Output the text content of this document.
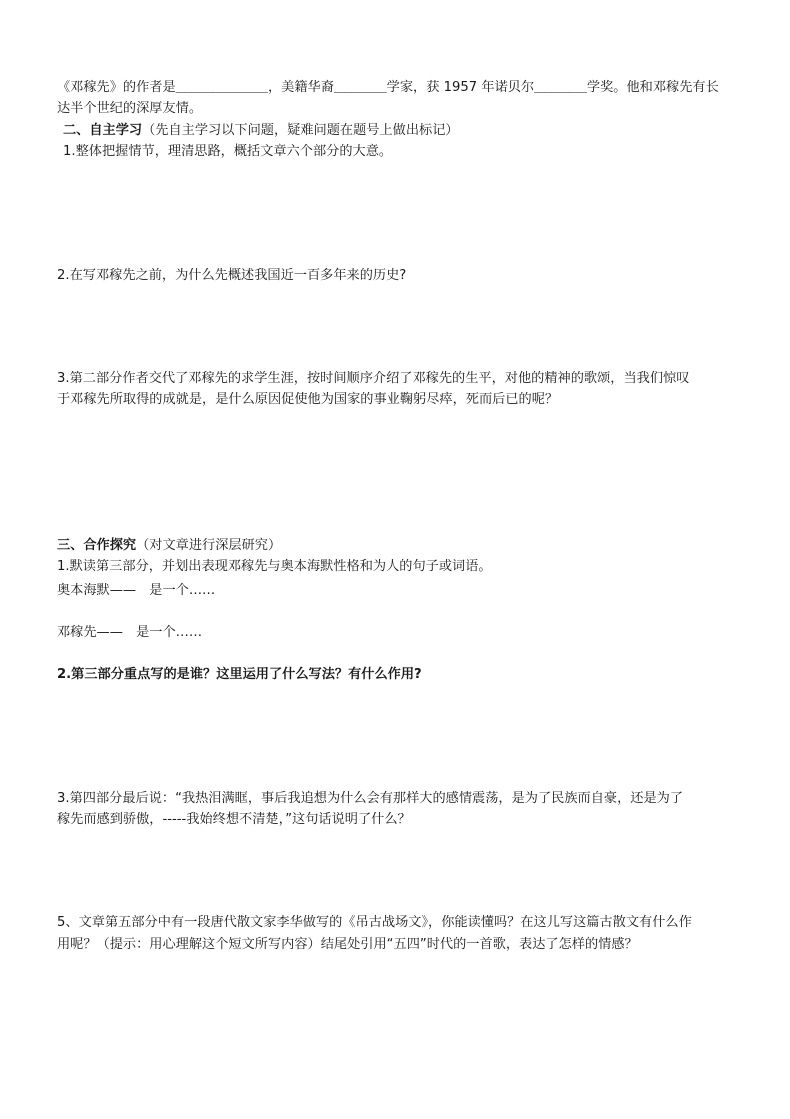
《邓稼先》的作者是＿＿＿＿＿＿＿，美籍华裔＿＿＿＿学家，获 1957 年诺贝尔＿＿＿＿学奖。他和邓稼先有长
达半个世纪的深厚友情。
二、自主学习（先自主学习以下问题，疑难问题在题号上做出标记）
1.整体把握情节，理清思路，概括文章六个部分的大意。
2.在写邓稼先之前，为什么先概述我国近一百多年来的历史?
3.第二部分作者交代了邓稼先的求学生涯，按时间顺序介绍了邓稼先的生平，对他的精神的歌颂，当我们惊叹
于邓稼先所取得的成就是，是什么原因促使他为国家的事业鞠躬尽瘁，死而后已的呢？
三、合作探究（对文章进行深层研究）
1.默读第三部分，并划出表现邓稼先与奥本海默性格和为人的句子或词语。
奥本海默——　是一个……
邓稼先——　是一个……
2.第三部分重点写的是谁？这里运用了什么写法？有什么作用?
3.第四部分最后说：“我热泪满眶，事后我追想为什么会有那样大的感情震荡，是为了民族而自豪，还是为了
稼先而感到骄傲，-----我始终想不清楚，”这句话说明了什么？
5、文章第五部分中有一段唐代散文家李华做写的《吊古战场文》，你能读懂吗？在这儿写这篇古散文有什么作
用呢？（提示：用心理解这个短文所写内容）结尾处引用“五四”时代的一首歌，表达了怎样的情感？
